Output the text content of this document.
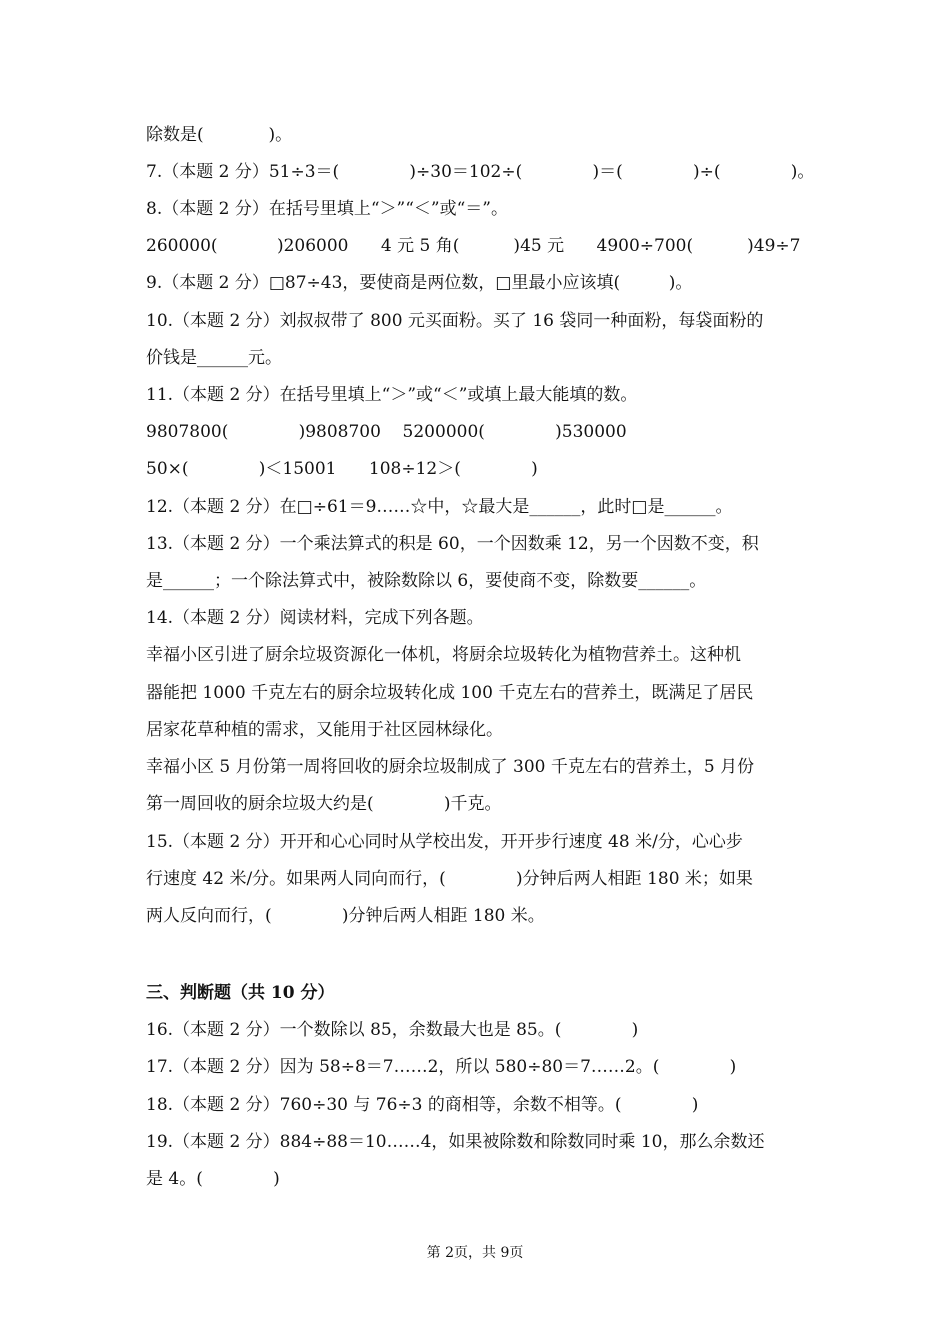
除数是(            )。
7.（本题 2 分）51÷3＝(             )÷30＝102÷(             )＝(             )÷(             )。
8.（本题 2 分）在括号里填上“＞”“＜”或“＝”。
260000(           )206000      4 元 5 角(          )45 元      4900÷700(          )49÷7
9.（本题 2 分）□87÷43，要使商是两位数，□里最小应该填(         )。
10.（本题 2 分）刘叔叔带了 800 元买面粉。买了 16 袋同一种面粉，每袋面粉的
价钱是______元。
11.（本题 2 分）在括号里填上“＞”或“＜”或填上最大能填的数。
9807800(             )9808700    5200000(             )530000
50×(             )＜15001      108÷12＞(             )
12.（本题 2 分）在□÷61＝9……☆中，☆最大是______，此时□是______。
13.（本题 2 分）一个乘法算式的积是 60，一个因数乘 12，另一个因数不变，积
是______；一个除法算式中，被除数除以 6，要使商不变，除数要______。
14.（本题 2 分）阅读材料，完成下列各题。
幸福小区引进了厨余垃圾资源化一体机，将厨余垃圾转化为植物营养土。这种机
器能把 1000 千克左右的厨余垃圾转化成 100 千克左右的营养土，既满足了居民
居家花草种植的需求，又能用于社区园林绿化。
幸福小区 5 月份第一周将回收的厨余垃圾制成了 300 千克左右的营养土，5 月份
第一周回收的厨余垃圾大约是(             )千克。
15.（本题 2 分）开开和心心同时从学校出发，开开步行速度 48 米/分，心心步
行速度 42 米/分。如果两人同向而行，(             )分钟后两人相距 180 米；如果
两人反向而行，(             )分钟后两人相距 180 米。
三、判断题（共 10 分）
16.（本题 2 分）一个数除以 85，余数最大也是 85。(             )
17.（本题 2 分）因为 58÷8＝7……2，所以 580÷80＝7……2。(             )
18.（本题 2 分）760÷30 与 76÷3 的商相等，余数不相等。(             )
19.（本题 2 分）884÷88＝10……4，如果被除数和除数同时乘 10，那么余数还
是 4。(             )
第 2页，共 9页
